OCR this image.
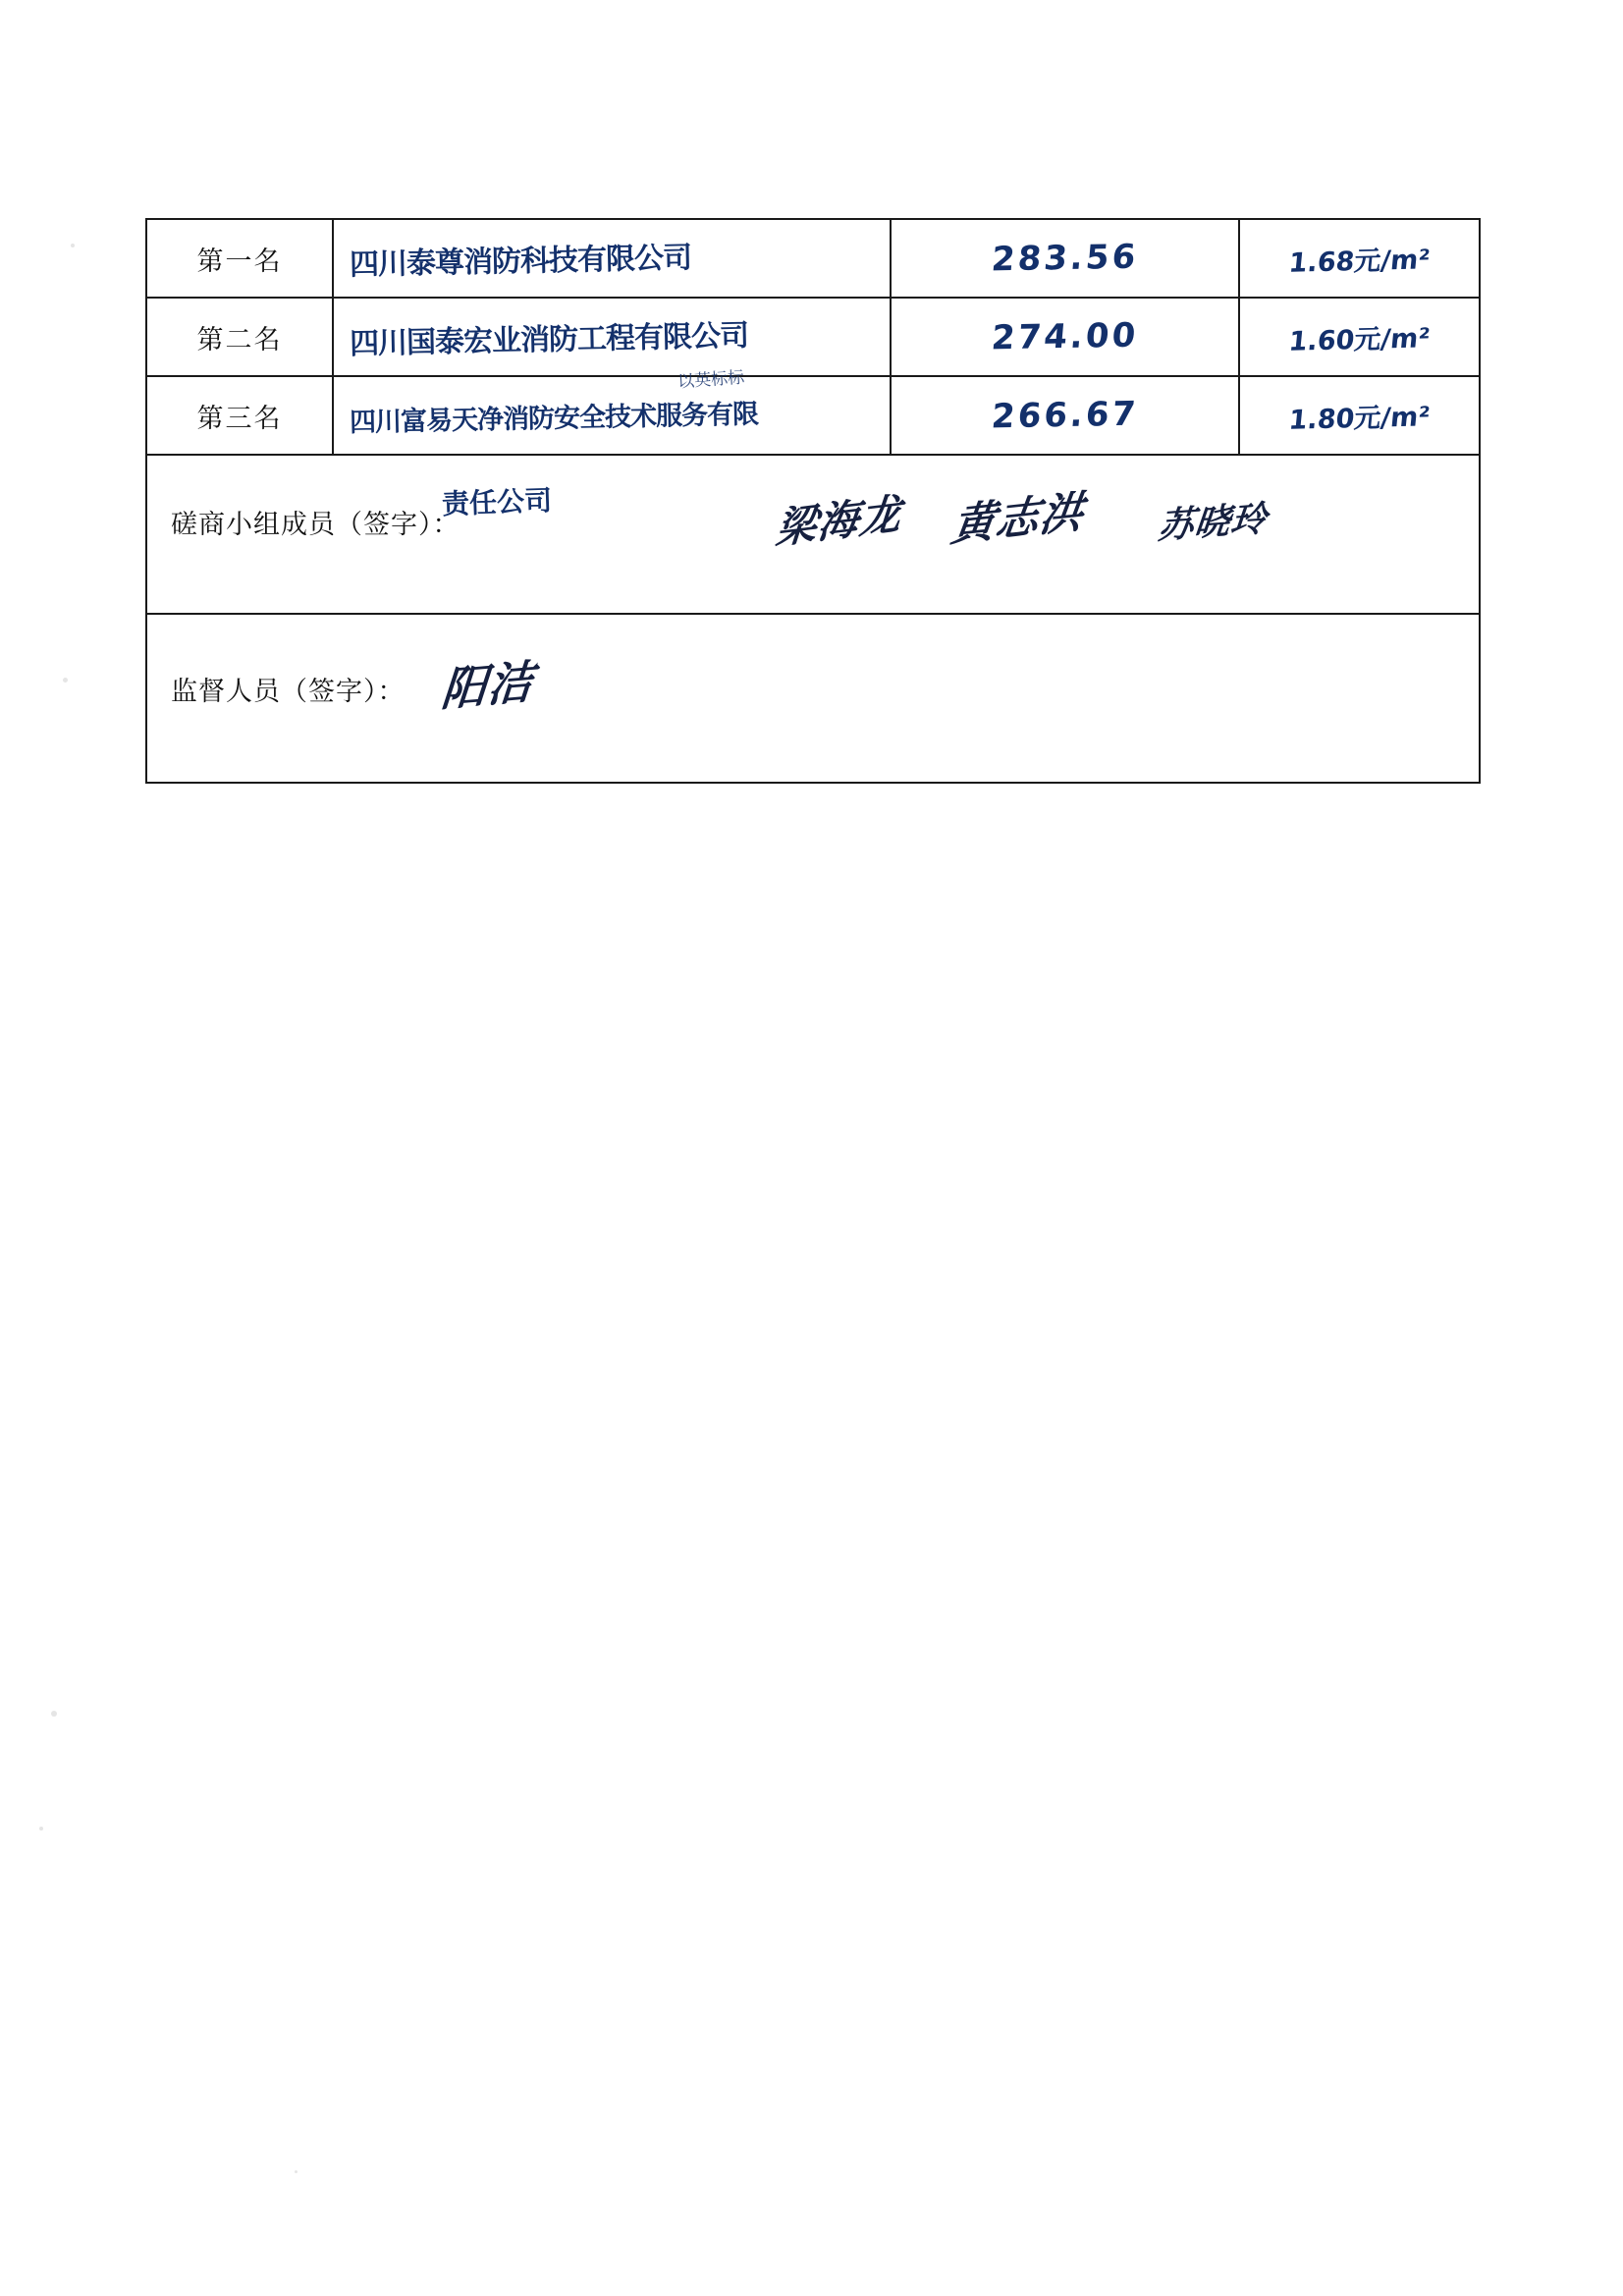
第一名	四川泰尊消防科技有限公司	283.56	1.68元/m²
第二名	四川国泰宏业消防工程有限公司	274.00	1.60元/m²
第三名	四川富易天净消防安全技术服务有限	266.67	1.80元/m²

磋商小组成员（签字）： 梁海龙 黄志洪 苏晓玲			

监督人员（签字）： 阳洁			
以英标标
责任公司
